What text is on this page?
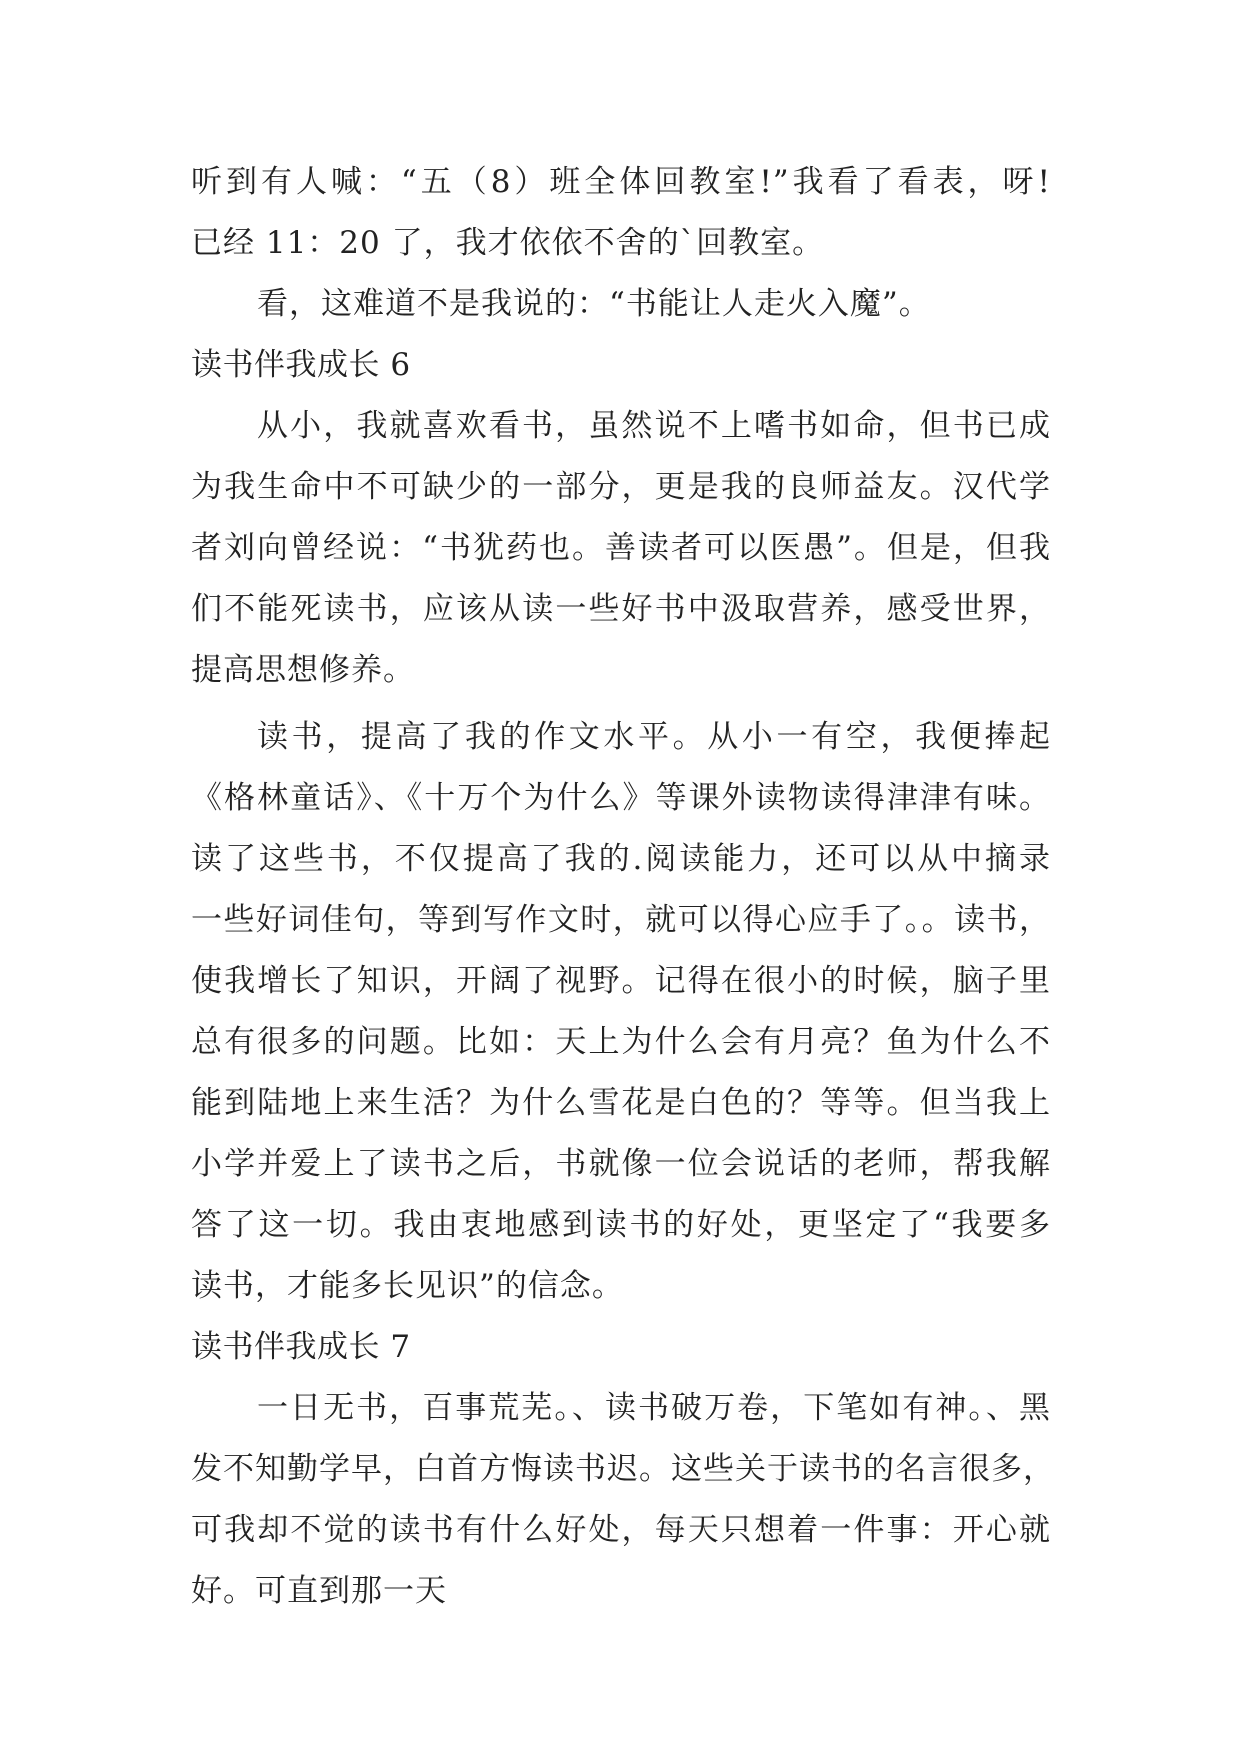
听到有人喊：“五（8）班全体回教室!”我看了看表，呀!
已经 11：20 了，我才依依不舍的`回教室。
看，这难道不是我说的：“书能让人走火入魔”。
读书伴我成长 6
从小，我就喜欢看书，虽然说不上嗜书如命，但书已成
为我生命中不可缺少的一部分，更是我的良师益友。汉代学
者刘向曾经说：“书犹药也。善读者可以医愚”。但是，但我
们不能死读书，应该从读一些好书中汲取营养，感受世界，
提高思想修养。
读书，提高了我的作文水平。从小一有空，我便捧起
《格林童话》、《十万个为什么》等课外读物读得津津有味。
读了这些书，不仅提高了我的.阅读能力，还可以从中摘录
一些好词佳句，等到写作文时，就可以得心应手了。。读书，
使我增长了知识，开阔了视野。记得在很小的时候，脑子里
总有很多的问题。比如：天上为什么会有月亮？鱼为什么不
能到陆地上来生活？为什么雪花是白色的？等等。但当我上
小学并爱上了读书之后，书就像一位会说话的老师，帮我解
答了这一切。我由衷地感到读书的好处，更坚定了“我要多
读书，才能多长见识”的信念。
读书伴我成长 7
一日无书，百事荒芜。、读书破万卷，下笔如有神。、黑
发不知勤学早，白首方悔读书迟。这些关于读书的名言很多，
可我却不觉的读书有什么好处，每天只想着一件事：开心就
好。可直到那一天
